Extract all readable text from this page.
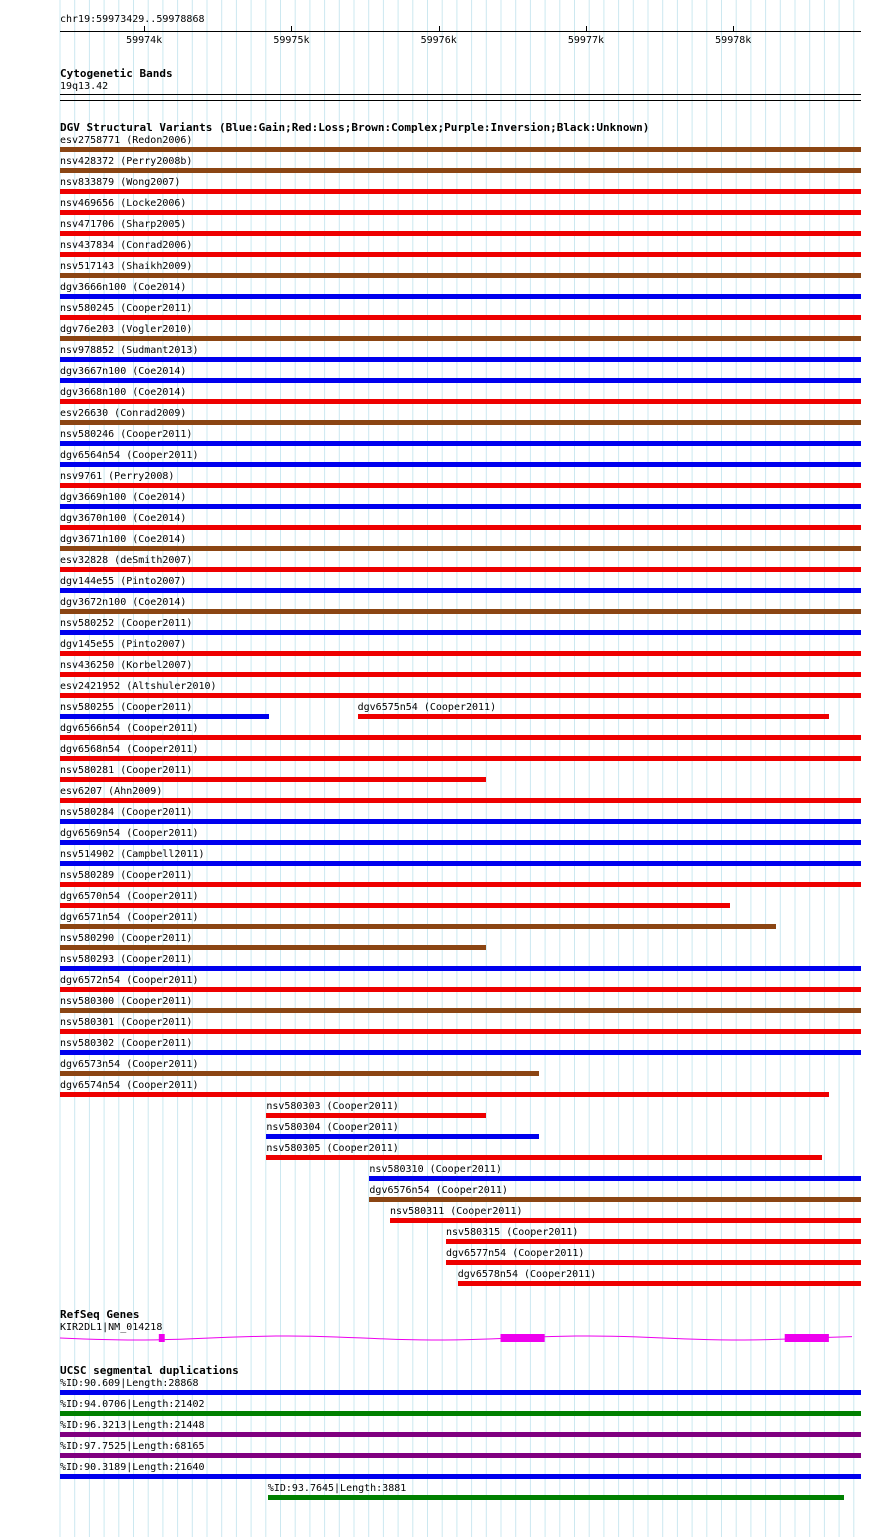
chr19:59973429..59978868
59974k	59975k	59976k	59977k	59978k
Cytogenetic Bands
19q13.42
DGV Structural Variants (Blue:Gain;Red:Loss;Brown:Complex;Purple:Inversion;Black:Unknown)
esv2758771 (Redon2006)
nsv428372 (Perry2008b)
nsv833879 (Wong2007)
nsv469656 (Locke2006)
nsv471706 (Sharp2005)
nsv437834 (Conrad2006)
nsv517143 (Shaikh2009)
dgv3666n100 (Coe2014)
nsv580245 (Cooper2011)
dgv76e203 (Vogler2010)
nsv978852 (Sudmant2013)
dgv3667n100 (Coe2014)
dgv3668n100 (Coe2014)
esv26630 (Conrad2009)
nsv580246 (Cooper2011)
dgv6564n54 (Cooper2011)
nsv9761 (Perry2008)
dgv3669n100 (Coe2014)
dgv3670n100 (Coe2014)
dgv3671n100 (Coe2014)
esv32828 (deSmith2007)
dgv144e55 (Pinto2007)
dgv3672n100 (Coe2014)
nsv580252 (Cooper2011)
dgv145e55 (Pinto2007)
nsv436250 (Korbel2007)
esv2421952 (Altshuler2010)
nsv580255 (Cooper2011)	dgv6575n54 (Cooper2011)
dgv6566n54 (Cooper2011)
dgv6568n54 (Cooper2011)
nsv580281 (Cooper2011)
esv6207 (Ahn2009)
nsv580284 (Cooper2011)
dgv6569n54 (Cooper2011)
nsv514902 (Campbell2011)
nsv580289 (Cooper2011)
dgv6570n54 (Cooper2011)
dgv6571n54 (Cooper2011)
nsv580290 (Cooper2011)
nsv580293 (Cooper2011)
dgv6572n54 (Cooper2011)
nsv580300 (Cooper2011)
nsv580301 (Cooper2011)
nsv580302 (Cooper2011)
dgv6573n54 (Cooper2011)
dgv6574n54 (Cooper2011)
nsv580303 (Cooper2011)
nsv580304 (Cooper2011)
nsv580305 (Cooper2011)
nsv580310 (Cooper2011)
dgv6576n54 (Cooper2011)
nsv580311 (Cooper2011)
nsv580315 (Cooper2011)
dgv6577n54 (Cooper2011)
dgv6578n54 (Cooper2011)
RefSeq Genes
KIR2DL1|NM_014218
UCSC segmental duplications
%ID:90.609|Length:28868
%ID:94.0706|Length:21402
%ID:96.3213|Length:21448
%ID:97.7525|Length:68165
%ID:90.3189|Length:21640
%ID:93.7645|Length:3881
